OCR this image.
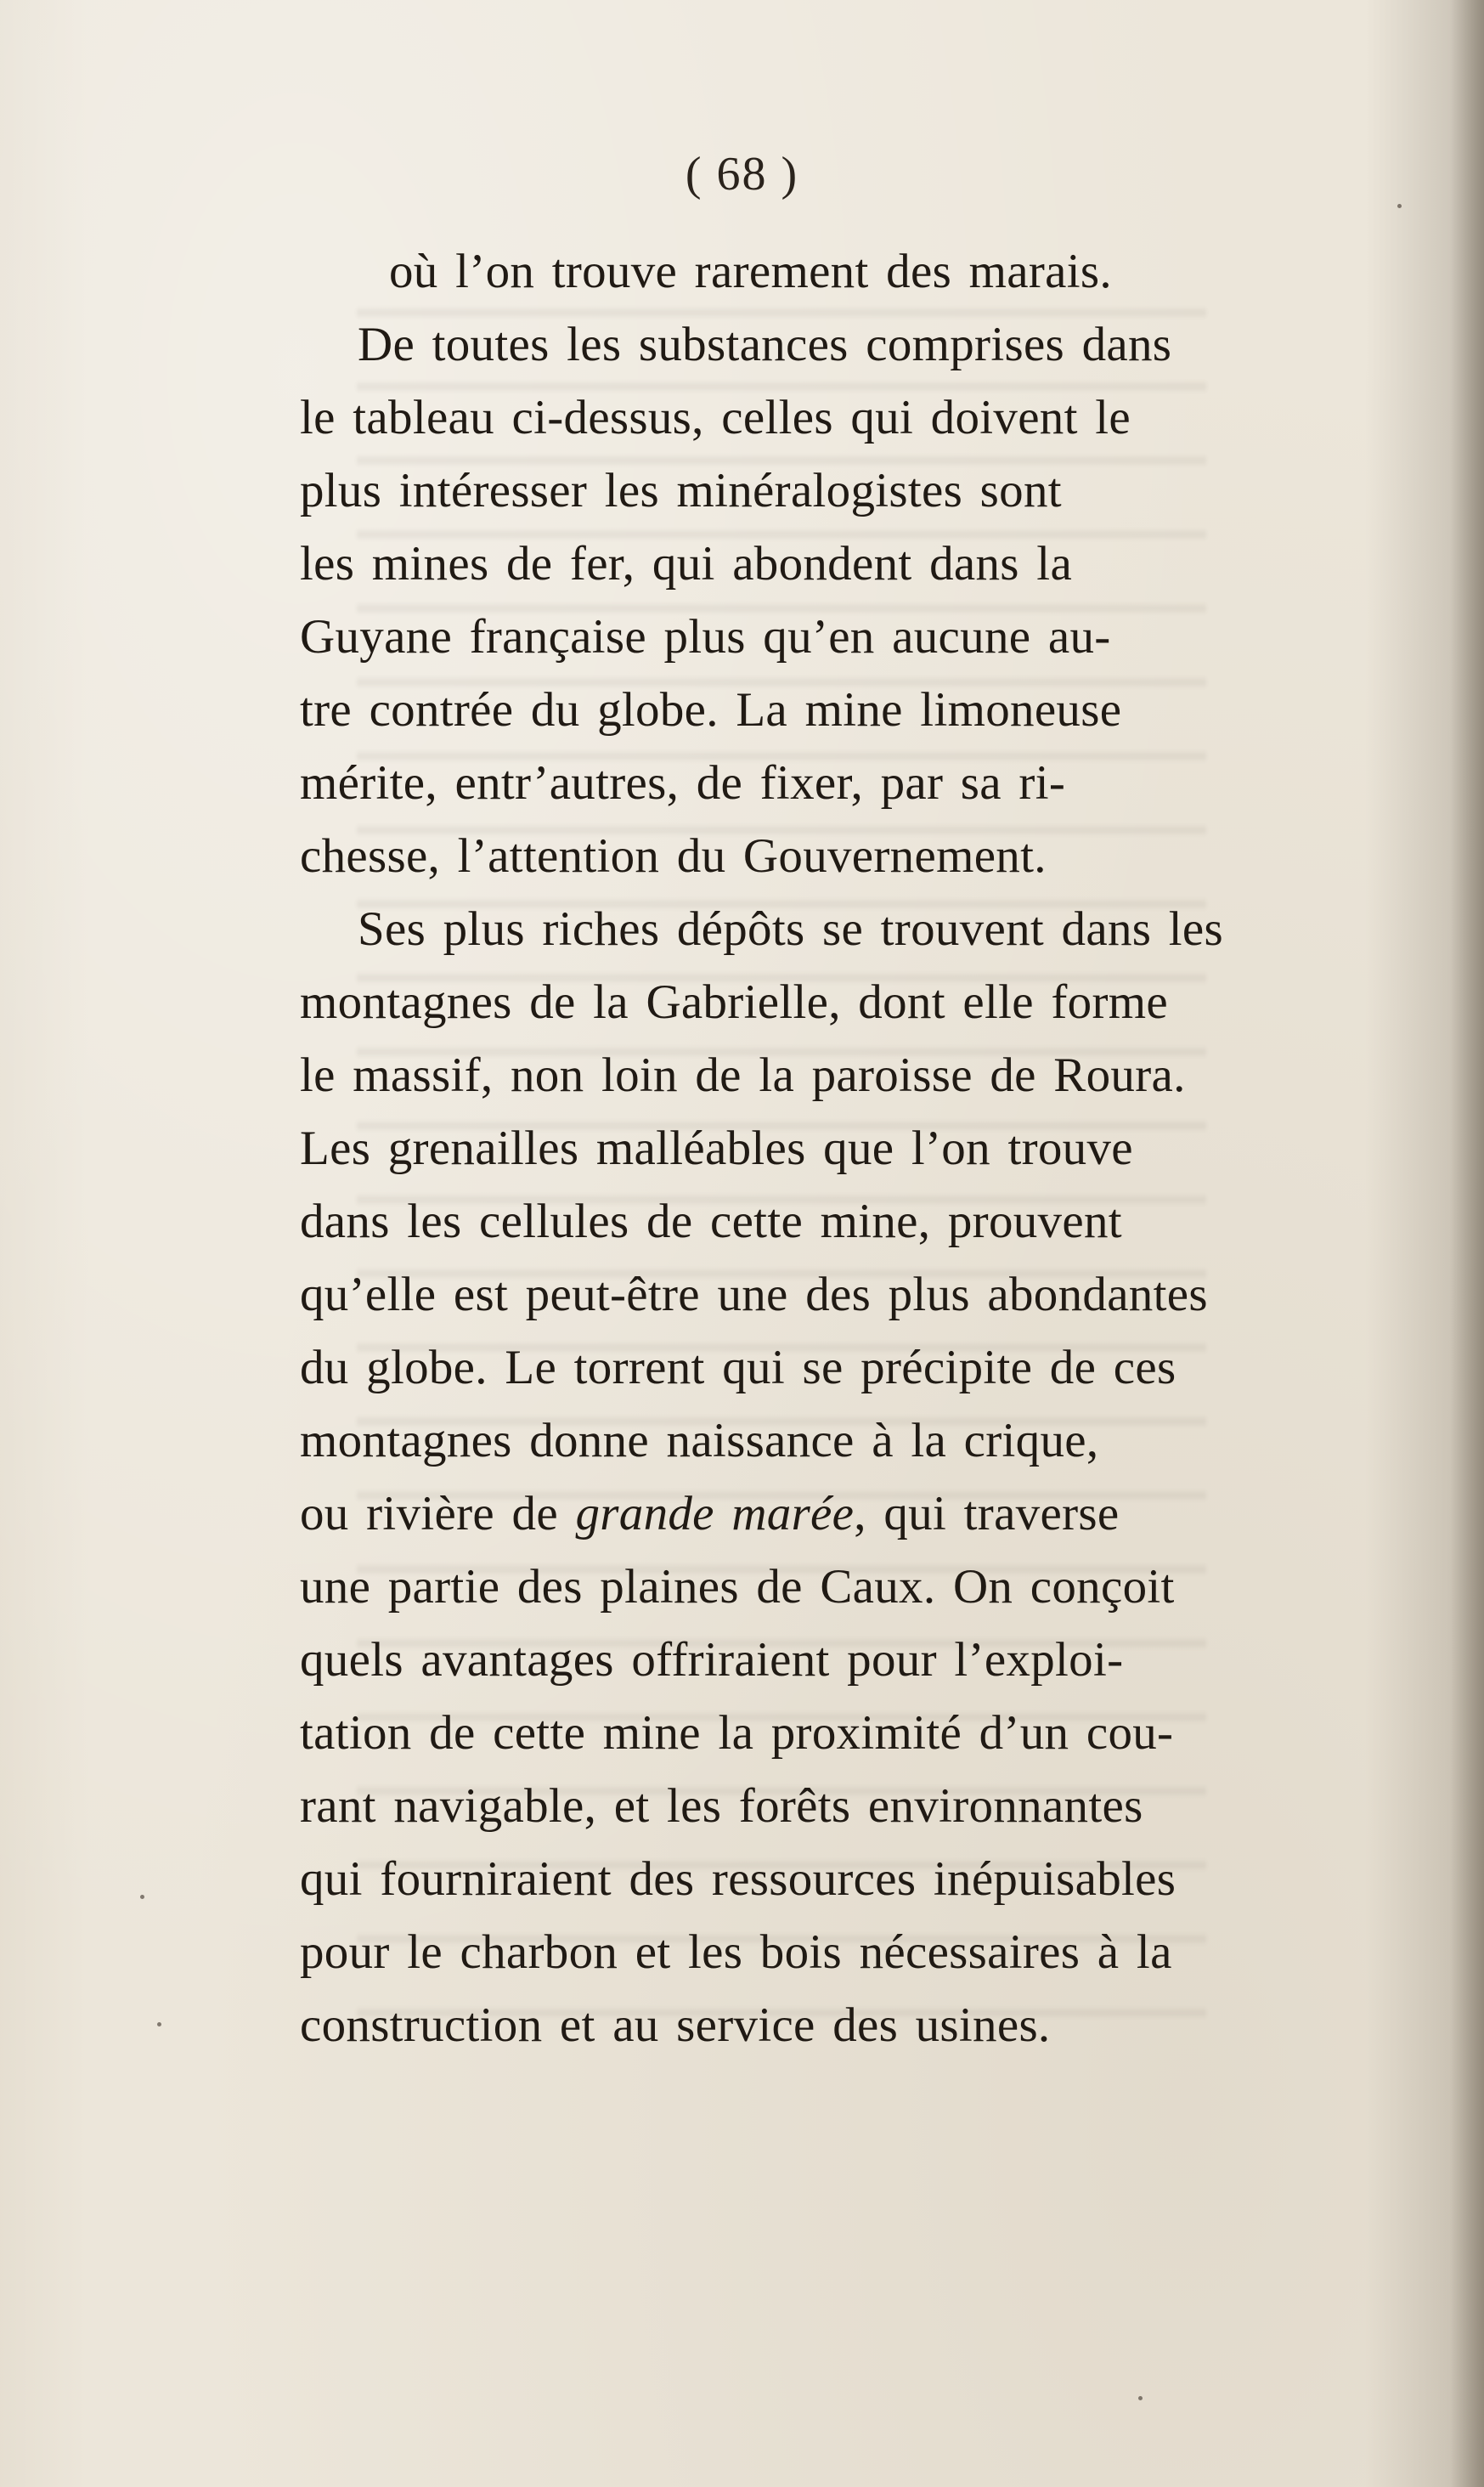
( 68 )
où l’on trouve rarement des marais.
De toutes les substances comprises dans
le tableau ci-dessus, celles qui doivent le
plus intéresser les minéralogistes sont
les mines de fer, qui abondent dans la
Guyane française plus qu’en aucune au-
tre contrée du globe. La mine limoneuse
mérite, entr’autres, de fixer, par sa ri-
chesse, l’attention du Gouvernement.
Ses plus riches dépôts se trouvent dans les
montagnes de la Gabrielle, dont elle forme
le massif, non loin de la paroisse de Roura.
Les grenailles malléables que l’on trouve
dans les cellules de cette mine, prouvent
qu’elle est peut-être une des plus abondantes
du globe. Le torrent qui se précipite de ces
montagnes donne naissance à la crique,
ou rivière de grande marée, qui traverse
une partie des plaines de Caux. On conçoit
quels avantages offriraient pour l’exploi-
tation de cette mine la proximité d’un cou-
rant navigable, et les forêts environnantes
qui fourniraient des ressources inépuisables
pour le charbon et les bois nécessaires à la
construction et au service des usines.
